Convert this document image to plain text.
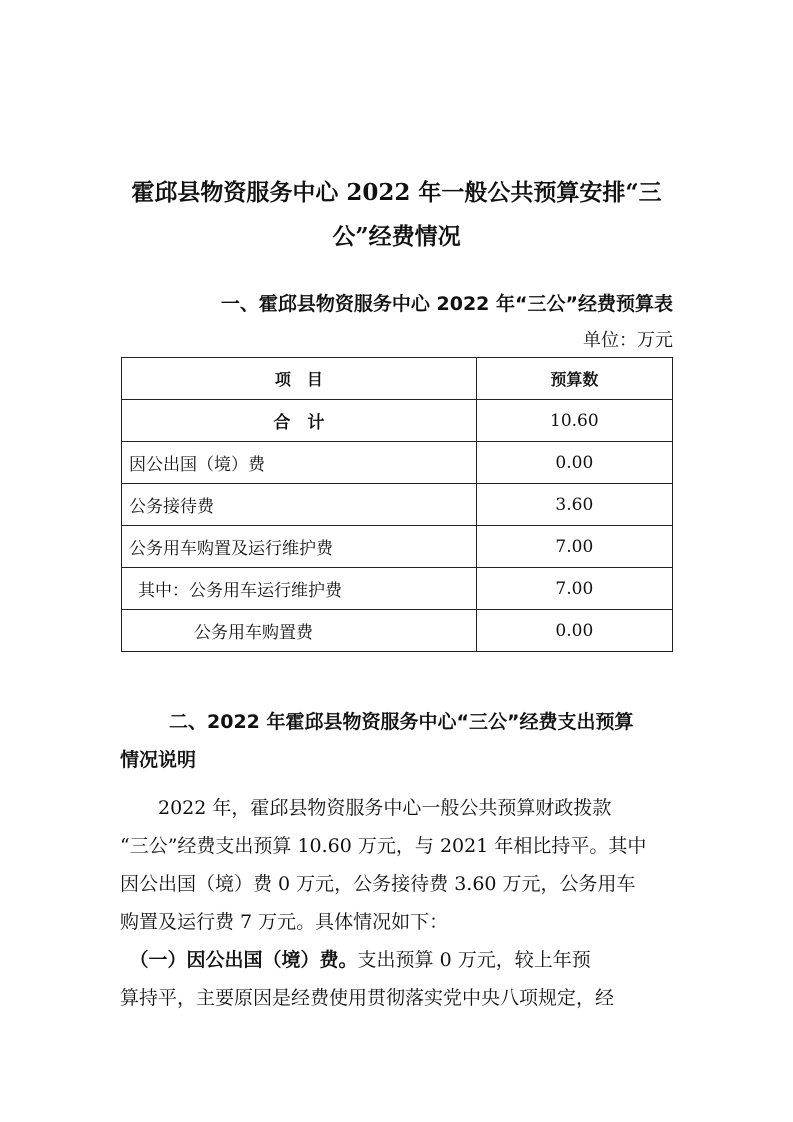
霍邱县物资服务中心 2022 年一般公共预算安排“三
公”经费情况
一、霍邱县物资服务中心 2022 年“三公”经费预算表
单位：万元
项　目	预算数
合　计	10.60
因公出国（境）费	0.00
公务接待费	3.60
公务用车购置及运行维护费	7.00
其中：公务用车运行维护费	7.00
公务用车购置费	0.00
二、2022 年霍邱县物资服务中心“三公”经费支出预算
情况说明

　　2022 年，霍邱县物资服务中心一般公共预算财政拨款
“三公”经费支出预算 10.60 万元，与 2021 年相比持平。其中
因公出国（境）费 0 万元，公务接待费 3.60 万元，公务用车
购置及运行费 7 万元。具体情况如下：

　（一）因公出国（境）费。支出预算 0 万元，较上年预
算持平，主要原因是经费使用贯彻落实党中央八项规定，经
